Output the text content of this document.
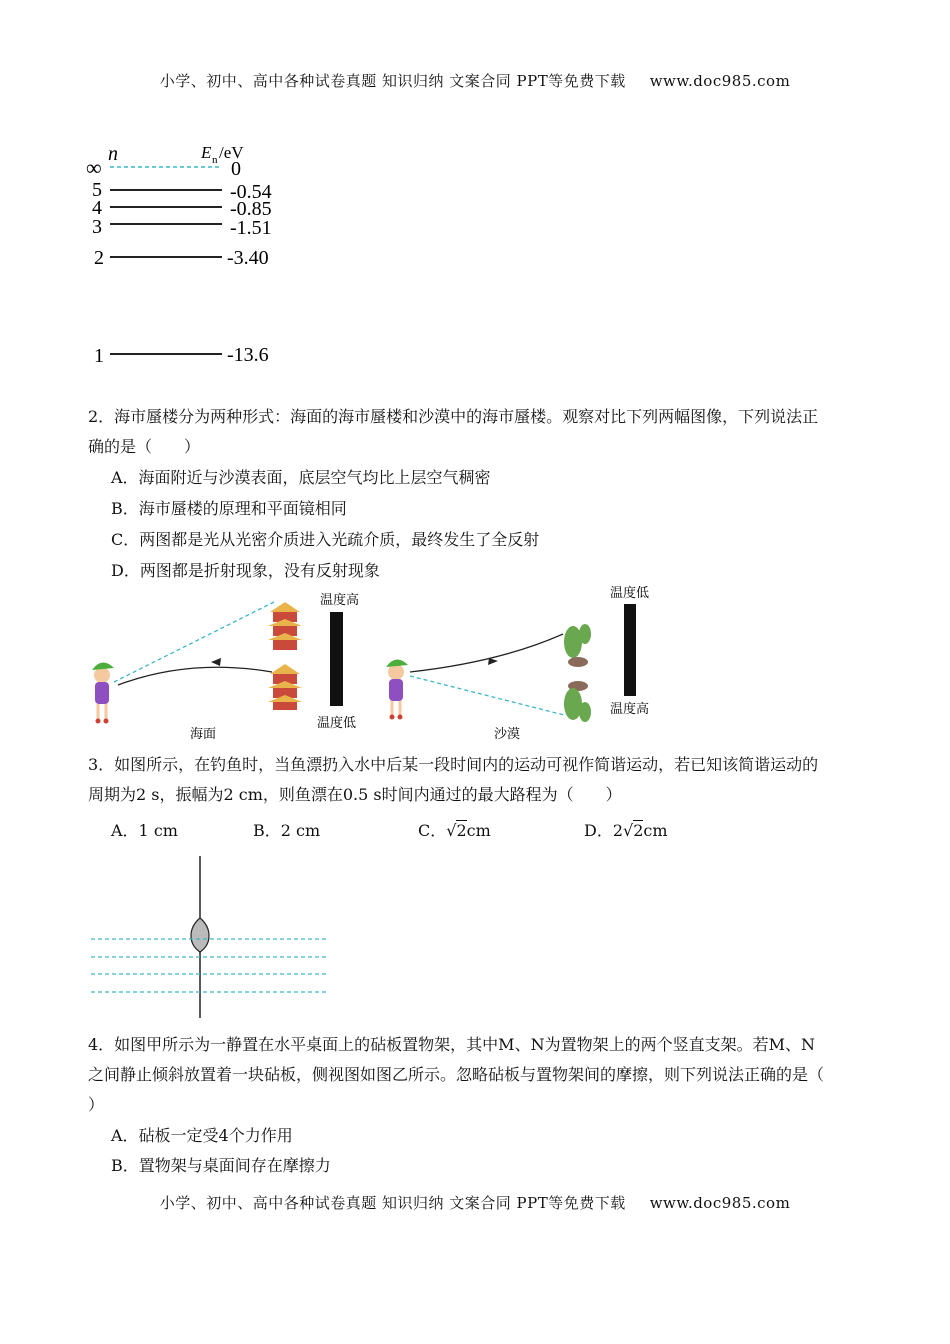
小学、初中、高中各种试卷真题 知识归纳 文案合同 PPT等免费下载 www.doc985.com
n	E n /eV
∞	0
5	-0.54
4	-0.85
3	-1.51
2	-3.40
1	-13.6
2．海市蜃楼分为两种形式：海面的海市蜃楼和沙漠中的海市蜃楼。观察对比下列两幅图像，下列说法正
确的是（　　）
A．海面附近与沙漠表面，底层空气均比上层空气稠密
B．海市蜃楼的原理和平面镜相同
C．两图都是光从光密介质进入光疏介质，最终发生了全反射
D．两图都是折射现象，没有反射现象
温度高
温度低
海面
温度低
温度高
沙漠
3．如图所示，在钓鱼时，当鱼漂扔入水中后某一段时间内的运动可视作简谐运动，若已知该简谐运动的
周期为2 s，振幅为2 cm，则鱼漂在0.5 s时间内通过的最大路程为（　　）
A．1 cm	B．2 cm	C．√2cm	D．2√2cm
4．如图甲所示为一静置在水平桌面上的砧板置物架，其中M、N为置物架上的两个竖直支架。若M、N
之间静止倾斜放置着一块砧板，侧视图如图乙所示。忽略砧板与置物架间的摩擦，则下列说法正确的是（
）
A．砧板一定受4个力作用
B．置物架与桌面间存在摩擦力
小学、初中、高中各种试卷真题 知识归纳 文案合同 PPT等免费下载 www.doc985.com
